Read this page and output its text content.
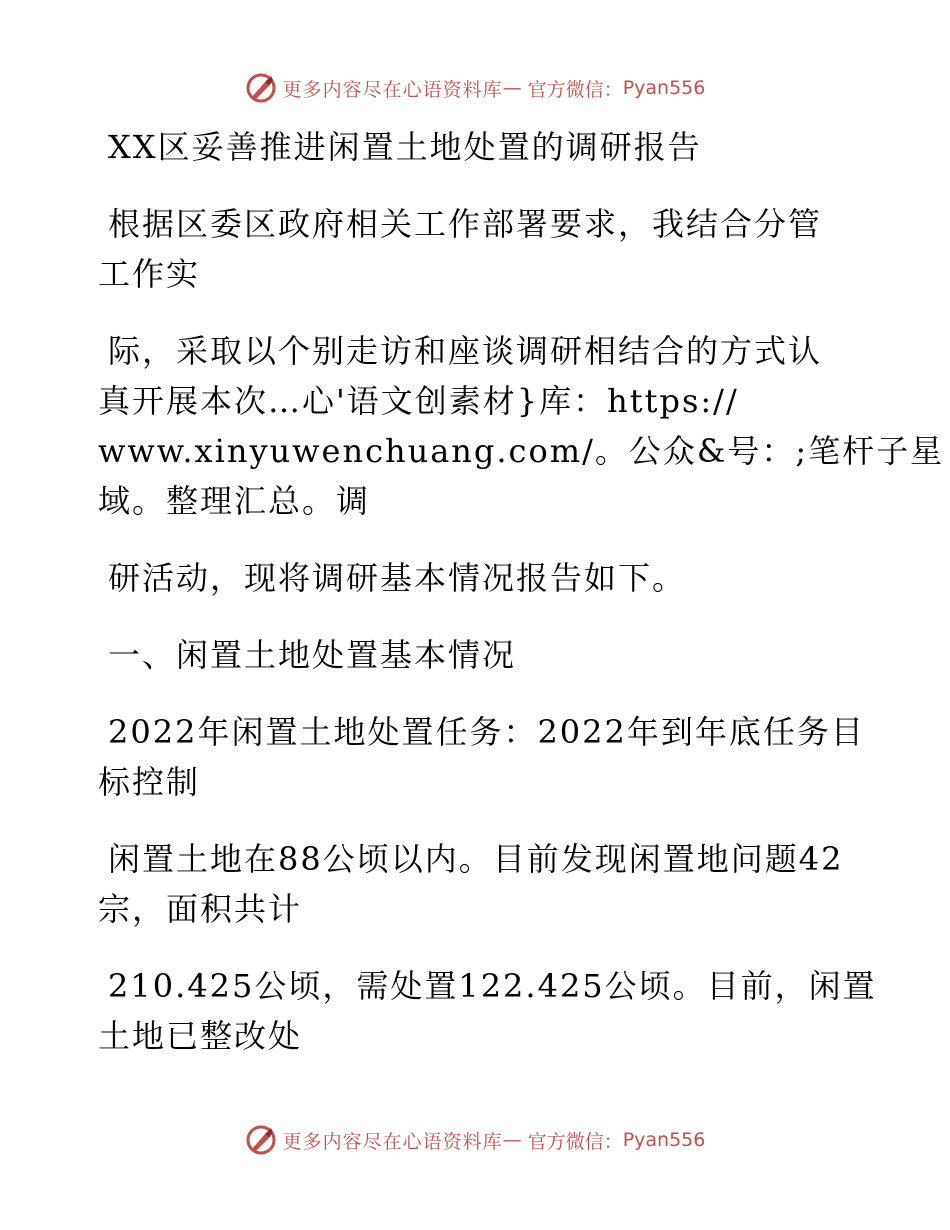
更多内容尽在心语资料库 — 官方微信： Pyan556
XX区妥善推进闲置土地处置的调研报告
根据区委区政府相关工作部署要求，我结合分管
工作实
际，采取以个别走访和座谈调研相结合的方式认
真开展本次…心'语文创素材}库：https://
www.xinyuwenchuang.com/。公众&号：;笔杆子星
域。整理汇总。调
研活动，现将调研基本情况报告如下。
一、闲置土地处置基本情况
2022年闲置土地处置任务：2022年到年底任务目
标控制
闲置土地在88公顷以内。目前发现闲置地问题42
宗，面积共计
210.425公顷，需处置122.425公顷。目前，闲置
土地已整改处
更多内容尽在心语资料库 — 官方微信： Pyan556
